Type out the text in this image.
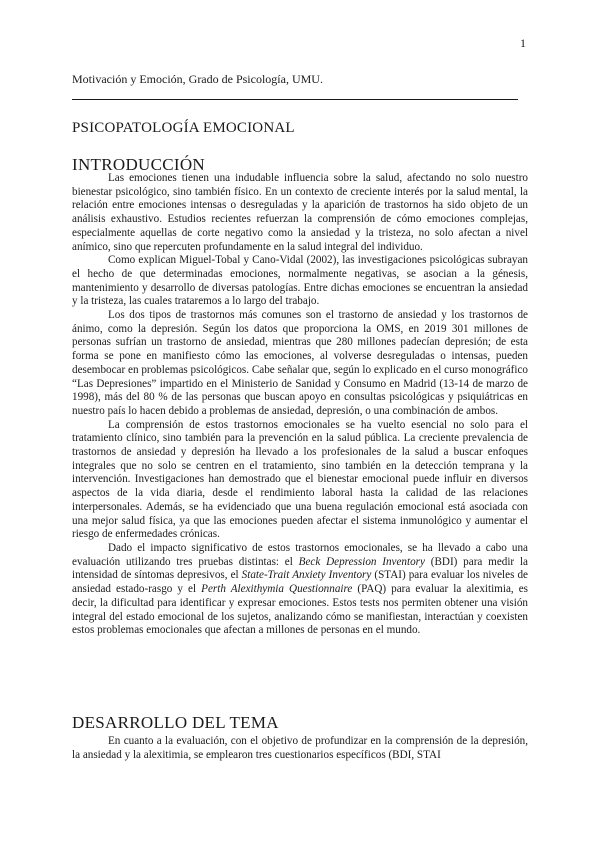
1
Motivación y Emoción, Grado de Psicología, UMU.
PSICOPATOLOGÍA EMOCIONAL
INTRODUCCIÓN

Las emociones tienen una indudable influencia sobre la salud, afectando no solo nuestro bienestar psicológico, sino también físico. En un contexto de creciente interés por la salud mental, la relación entre emociones intensas o desreguladas y la aparición de trastornos ha sido objeto de un análisis exhaustivo. Estudios recientes refuerzan la comprensión de cómo emociones complejas, especialmente aquellas de corte negativo como la ansiedad y la tristeza, no solo afectan a nivel anímico, sino que repercuten profundamente en la salud integral del individuo.

Como explican Miguel-Tobal y Cano-Vidal (2002), las investigaciones psicológicas subrayan el hecho de que determinadas emociones, normalmente negativas, se asocian a la génesis, mantenimiento y desarrollo de diversas patologías. Entre dichas emociones se encuentran la ansiedad y la tristeza, las cuales trataremos a lo largo del trabajo.

Los dos tipos de trastornos más comunes son el trastorno de ansiedad y los trastornos de ánimo, como la depresión. Según los datos que proporciona la OMS, en 2019 301 millones de personas sufrían un trastorno de ansiedad, mientras que 280 millones padecían depresión; de esta forma se pone en manifiesto cómo las emociones, al volverse desreguladas o intensas, pueden desembocar en problemas psicológicos. Cabe señalar que, según lo explicado en el curso monográfico “Las Depresiones” impartido en el Ministerio de Sanidad y Consumo en Madrid (13-14 de marzo de 1998), más del 80 % de las personas que buscan apoyo en consultas psicológicas y psiquiátricas en nuestro país lo hacen debido a problemas de ansiedad, depresión, o una combinación de ambos.

La comprensión de estos trastornos emocionales se ha vuelto esencial no solo para el tratamiento clínico, sino también para la prevención en la salud pública. La creciente prevalencia de trastornos de ansiedad y depresión ha llevado a los profesionales de la salud a buscar enfoques integrales que no solo se centren en el tratamiento, sino también en la detección temprana y la intervención. Investigaciones han demostrado que el bienestar emocional puede influir en diversos aspectos de la vida diaria, desde el rendimiento laboral hasta la calidad de las relaciones interpersonales. Además, se ha evidenciado que una buena regulación emocional está asociada con una mejor salud física, ya que las emociones pueden afectar el sistema inmunológico y aumentar el riesgo de enfermedades crónicas.

Dado el impacto significativo de estos trastornos emocionales, se ha llevado a cabo una evaluación utilizando tres pruebas distintas: el Beck Depression Inventory (BDI) para medir la intensidad de síntomas depresivos, el State-Trait Anxiety Inventory (STAI) para evaluar los niveles de ansiedad estado-rasgo y el Perth Alexithymia Questionnaire (PAQ) para evaluar la alexitimia, es decir, la dificultad para identificar y expresar emociones. Estos tests nos permiten obtener una visión integral del estado emocional de los sujetos, analizando cómo se manifiestan, interactúan y coexisten estos problemas emocionales que afectan a millones de personas en el mundo.

DESARROLLO DEL TEMA

En cuanto a la evaluación, con el objetivo de profundizar en la comprensión de la depresión, la ansiedad y la alexitimia, se emplearon tres cuestionarios específicos (BDI, STAI
